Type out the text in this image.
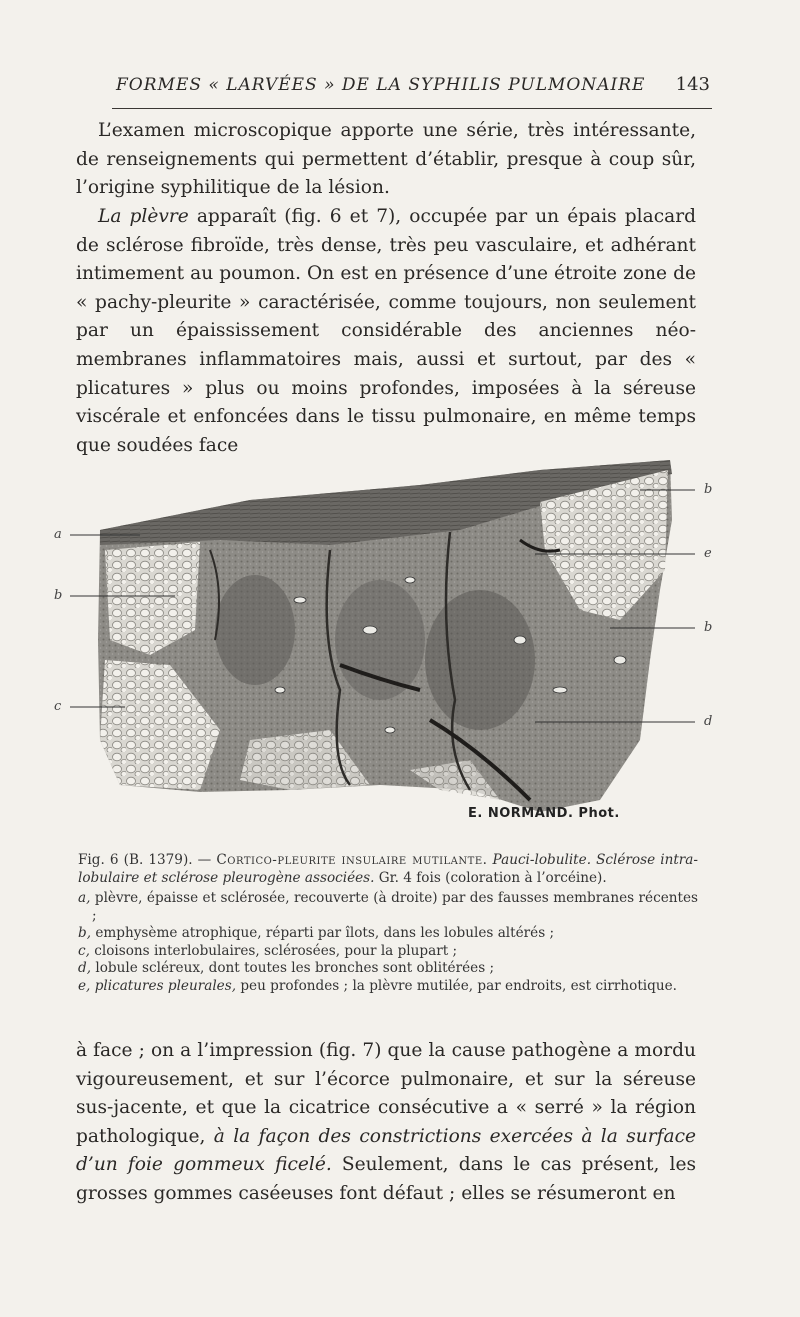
FORMES « LARVÉES » DE LA SYPHILIS PULMONAIRE 143

L’examen microscopique apporte une série, très intéressante, de renseignements qui permettent d’établir, presque à coup sûr, l’origine syphilitique de la lésion.

La plèvre apparaît (fig. 6 et 7), occupée par un épais placard de sclérose fibroïde, très dense, très peu vasculaire, et adhérant intimement au poumon. On est en présence d’une étroite zone de « pachy-pleurite » caractérisée, comme toujours, non seulement par un épaississement considérable des anciennes néo-membranes inflammatoires mais, aussi et surtout, par des « plicatures » plus ou moins profondes, imposées à la séreuse viscérale et enfoncées dans le tissu pulmonaire, en même temps que soudées face

a
b
c
b
e
b
d
E. NORMAND. Phot.

Fig. 6 (B. 1379). — Cortico-pleurite insulaire mutilante. Pauci-lobulite. Sclérose intra-lobulaire et sclérose pleurogène associées. Gr. 4 fois (coloration à l’orcéine).

a, plèvre, épaisse et sclérosée, recouverte (à droite) par des fausses membranes récentes ;
b, emphysème atrophique, réparti par îlots, dans les lobules altérés ;
c, cloisons interlobulaires, sclérosées, pour la plupart ;
d, lobule scléreux, dont toutes les bronches sont oblitérées ;
e, plicatures pleurales, peu profondes ; la plèvre mutilée, par endroits, est cirrhotique.

à face ; on a l’impression (fig. 7) que la cause pathogène a mordu vigoureusement, et sur l’écorce pulmonaire, et sur la séreuse sus-jacente, et que la cicatrice consécutive a « serré » la région pathologique, à la façon des constrictions exercées à la surface d’un foie gommeux ficelé. Seulement, dans le cas présent, les grosses gommes caséeuses font défaut ; elles se résumeront en
